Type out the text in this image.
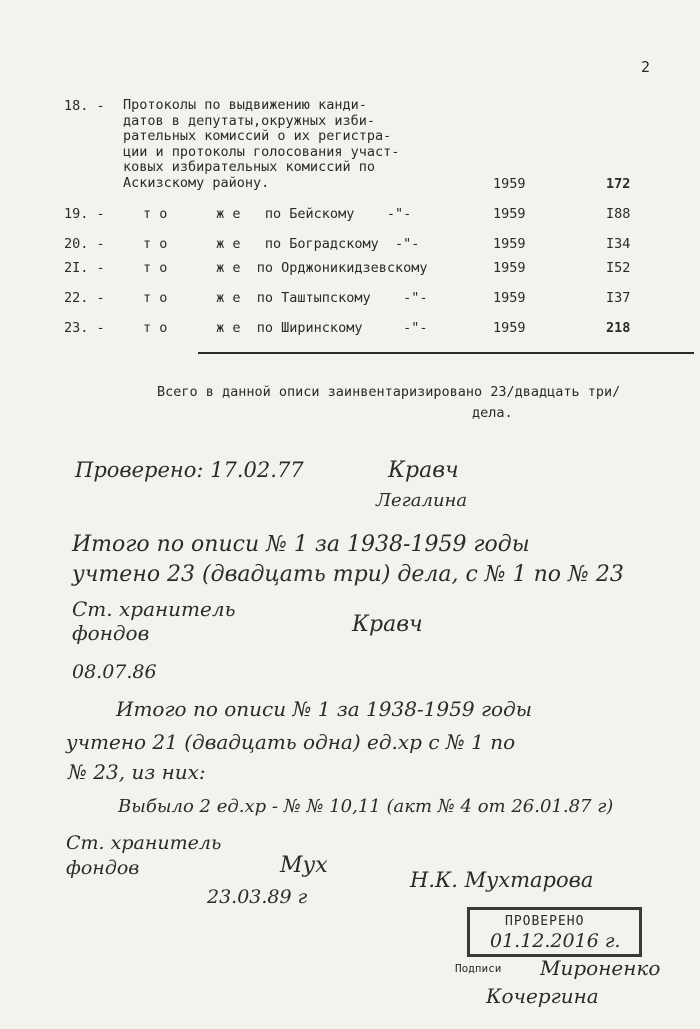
2
18. - Протоколы по выдвижению канди-
датов в депутаты,окружных изби-
рательных комиссий о их регистра-
ции и протоколы голосования участ-
ковых избирательных комиссий по
Аскизскому району.	1959	172
19. -	т о      ж е   по Бейскому    -"-	1959	I88
20. -	т о      ж е   по Боградскому  -"-	1959	I34
2I. -	т о      ж е  по Орджоникидзевскому	1959	I52
22. -	т о      ж е  по Таштыпскому    -"-	1959	I37
23. -	т о      ж е  по Ширинскому     -"-	1959	218
Всего в данной описи заинвентаризировано 23/двадцать три/
дела.
Проверено: 17.02.77	Кравч
Легалина
Итого по описи № 1 за 1938-1959 годы
учтено 23 (двадцать три) дела, с № 1 по № 23
Ст. хранитель
фондов	Кравч
08.07.86
Итого по описи № 1 за 1938-1959 годы
учтено 21 (двадцать одна) ед.хр с № 1 по
№ 23, из них:
Выбыло 2 ед.хр - № № 10,11 (акт № 4 от 26.01.87 г)
Ст. хранитель
фондов	Мух
23.03.89 г
Н.К. Мухтарова
ПРОВЕРЕНО
01.12.2016 г.
Подписи Мироненко
Кочергина
